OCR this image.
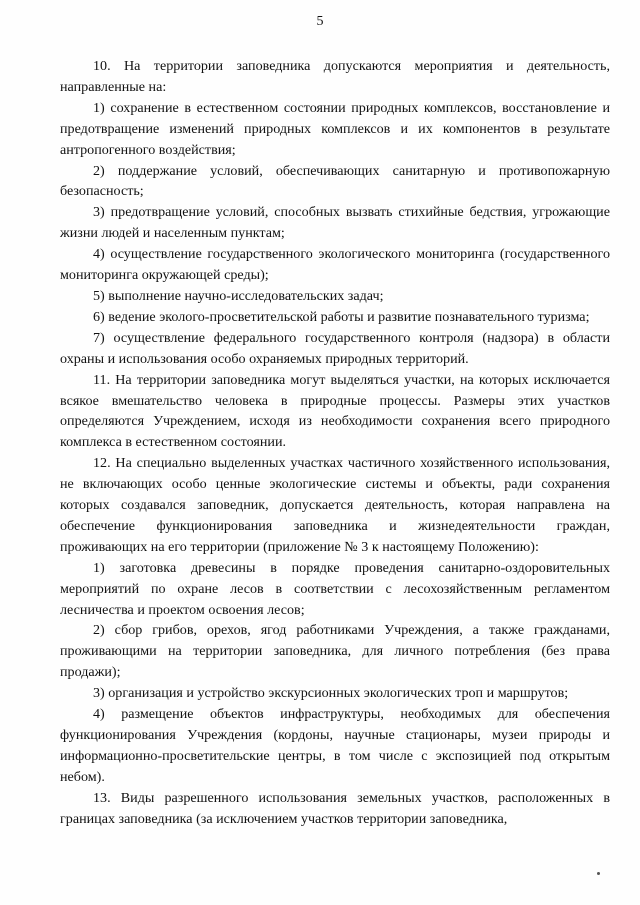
5

10. На территории заповедника допускаются мероприятия и деятельность, направленные на:

1) сохранение в естественном состоянии природных комплексов, восстановление и предотвращение изменений природных комплексов и их компонентов в результате антропогенного воздействия;

2) поддержание условий, обеспечивающих санитарную и противопожарную безопасность;

3) предотвращение условий, способных вызвать стихийные бедствия, угрожающие жизни людей и населенным пунктам;

4) осуществление государственного экологического мониторинга (государственного мониторинга окружающей среды);

5) выполнение научно-исследовательских задач;

6) ведение эколого-просветительской работы и развитие познавательного туризма;

7) осуществление федерального государственного контроля (надзора) в области охраны и использования особо охраняемых природных территорий.

11. На территории заповедника могут выделяться участки, на которых исключается всякое вмешательство человека в природные процессы. Размеры этих участков определяются Учреждением, исходя из необходимости сохранения всего природного комплекса в естественном состоянии.

12. На специально выделенных участках частичного хозяйственного использования, не включающих особо ценные экологические системы и объекты, ради сохранения которых создавался заповедник, допускается деятельность, которая направлена на обеспечение функционирования заповедника и жизнедеятельности граждан, проживающих на его территории (приложение № 3 к настоящему Положению):

1) заготовка древесины в порядке проведения санитарно-оздоровительных мероприятий по охране лесов в соответствии с лесохозяйственным регламентом лесничества и проектом освоения лесов;

2) сбор грибов, орехов, ягод работниками Учреждения, а также гражданами, проживающими на территории заповедника, для личного потребления (без права продажи);

3) организация и устройство экскурсионных экологических троп и маршрутов;

4) размещение объектов инфраструктуры, необходимых для обеспечения функционирования Учреждения (кордоны, научные стационары, музеи природы и информационно-просветительские центры, в том числе с экспозицией под открытым небом).

13. Виды разрешенного использования земельных участков, расположенных в границах заповедника (за исключением участков территории заповедника,
